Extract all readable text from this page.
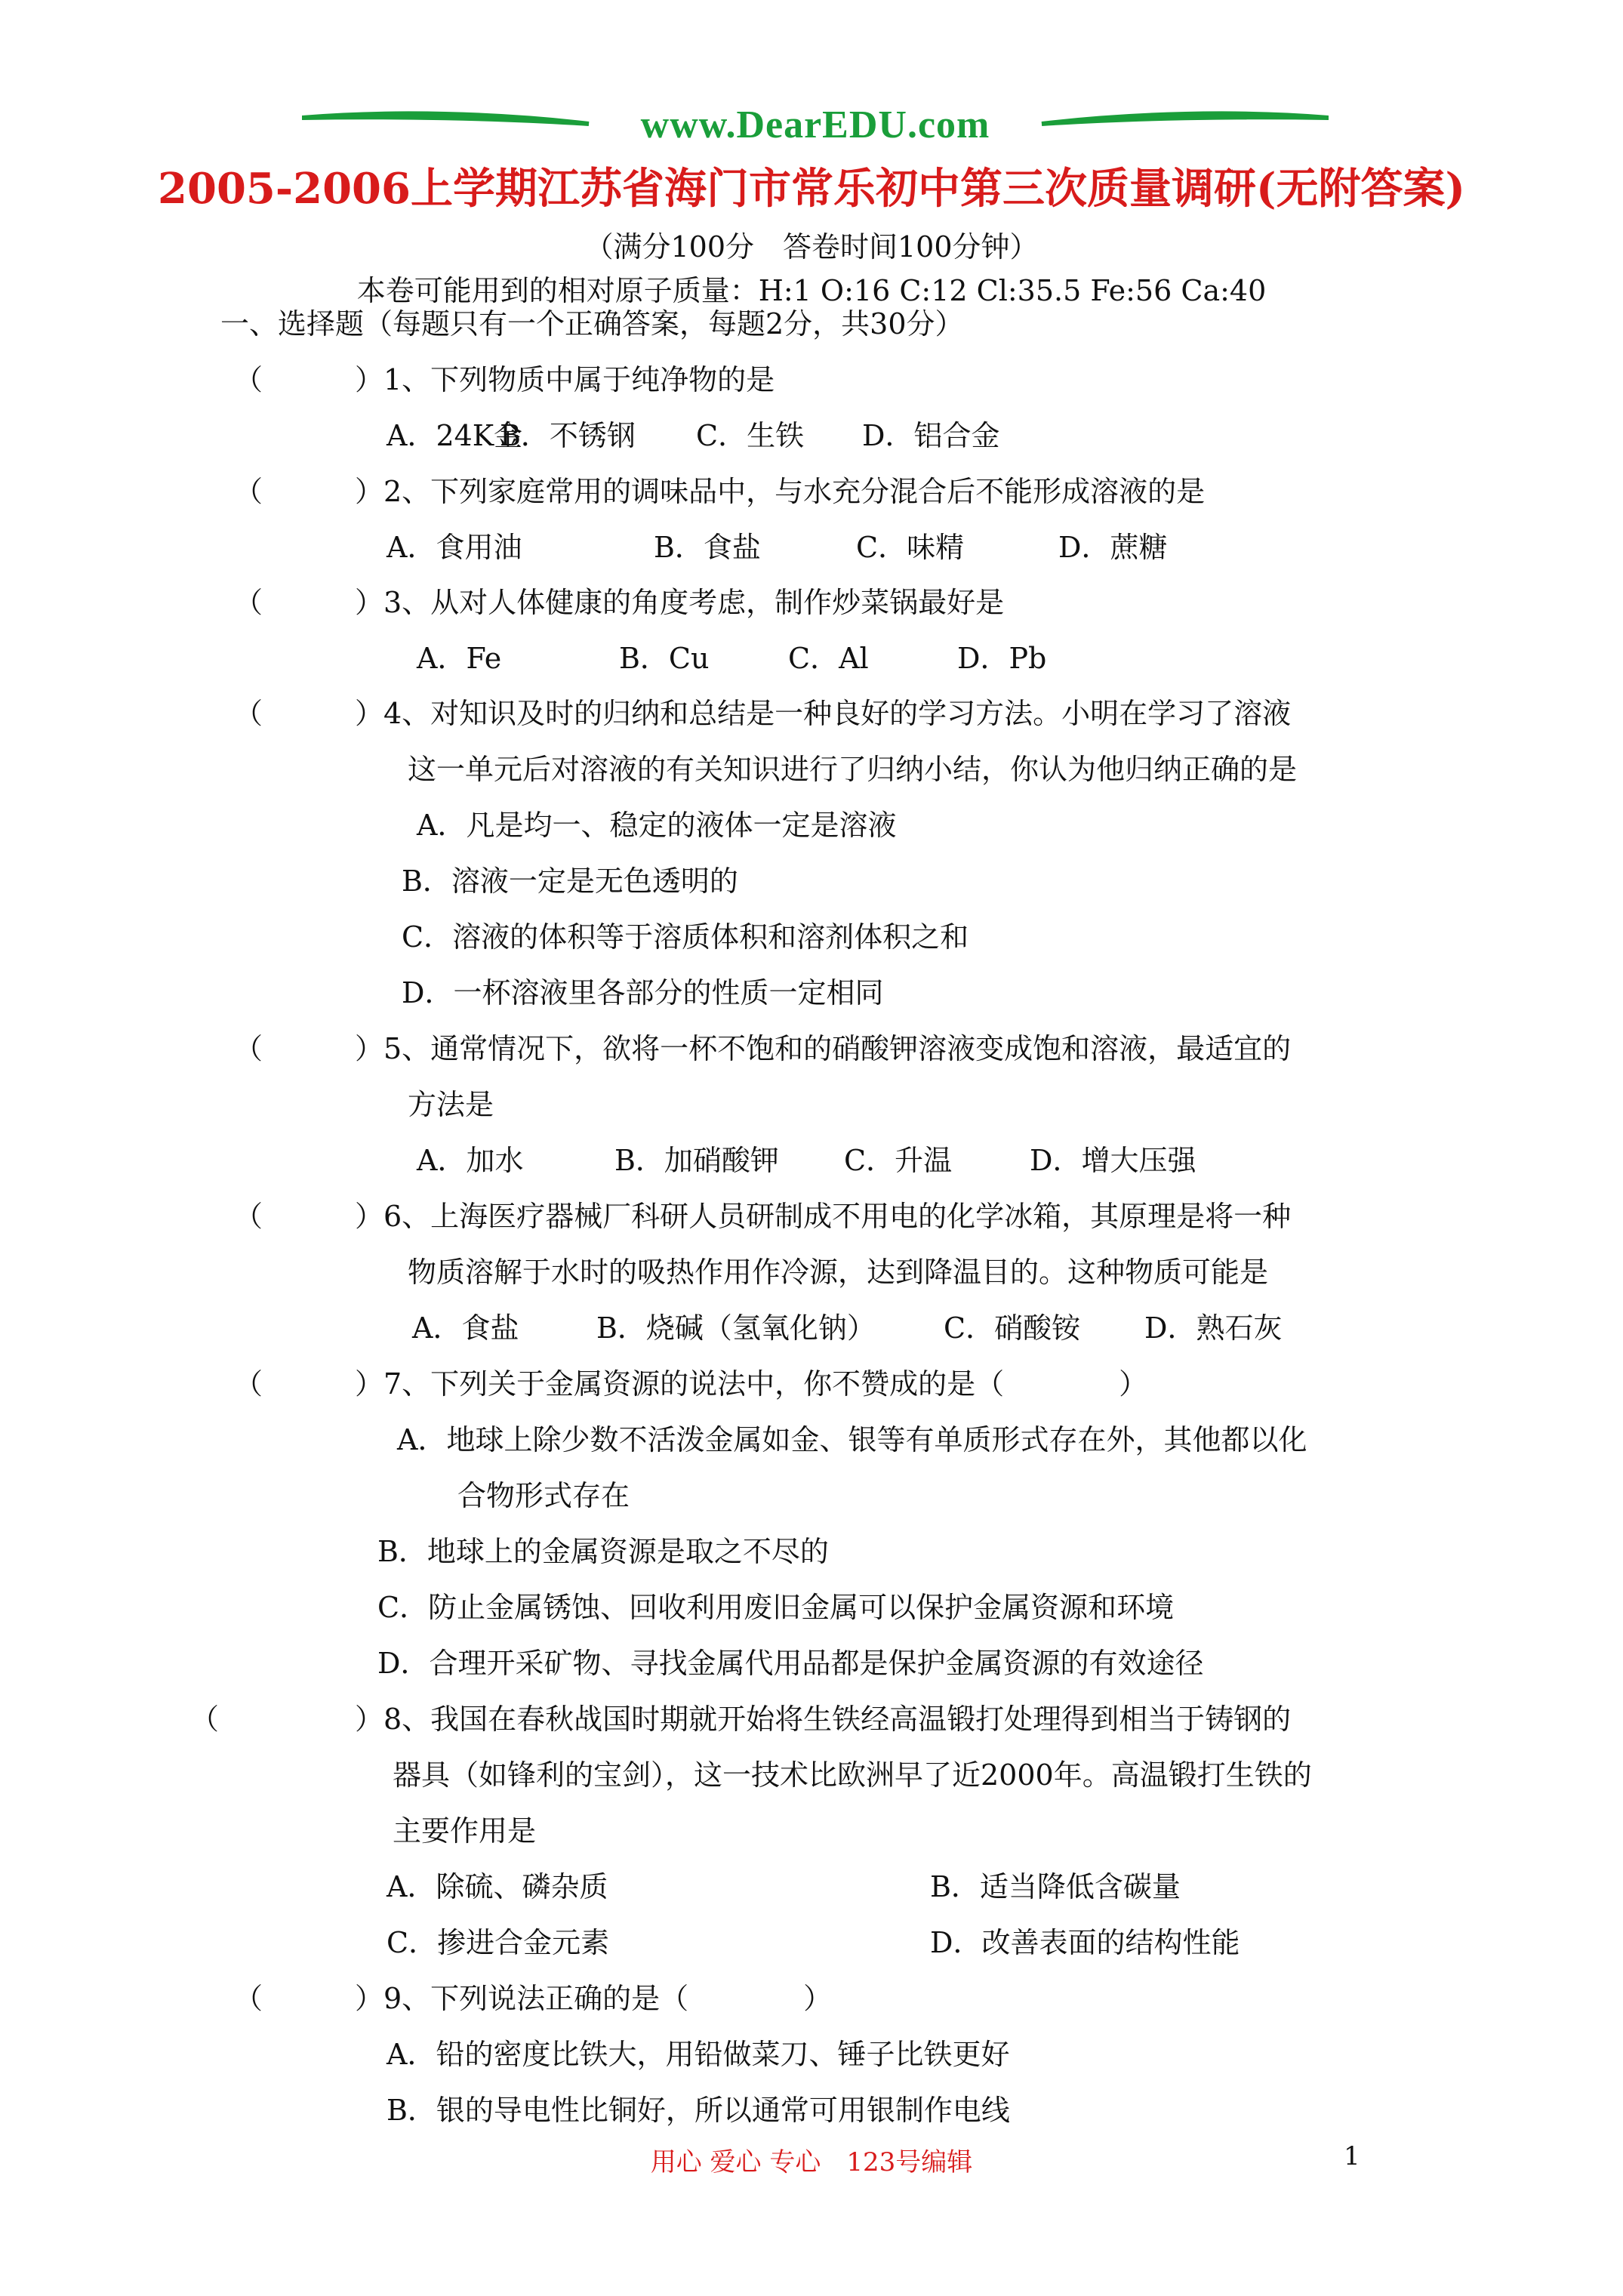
www.DearEDU.com
2005-2006上学期江苏省海门市常乐初中第三次质量调研(无附答案)
（满分100分　答卷时间100分钟）
本卷可能用到的相对原子质量：H:1 O:16 C:12 Cl:35.5 Fe:56 Ca:40
一、选择题（每题只有一个正确答案，每题2分，共30分）
（	）1、下列物质中属于纯净物的是
A．24K金B．不锈钢 C．生铁 D．铝合金
（	）2、下列家庭常用的调味品中，与水充分混合后不能形成溶液的是
A．食用油	B．食盐	C．味精	D．蔗糖
（	）3、从对人体健康的角度考虑，制作炒菜锅最好是
A．Fe	B．Cu	C．Al	D．Pb
（	）4、对知识及时的归纳和总结是一种良好的学习方法。小明在学习了溶液
这一单元后对溶液的有关知识进行了归纳小结，你认为他归纳正确的是
A．凡是均一、稳定的液体一定是溶液
B．溶液一定是无色透明的
C．溶液的体积等于溶质体积和溶剂体积之和
D．一杯溶液里各部分的性质一定相同
（	）5、通常情况下，欲将一杯不饱和的硝酸钾溶液变成饱和溶液，最适宜的
方法是
A．加水	B．加硝酸钾 C．升温	D．增大压强
（	）6、上海医疗器械厂科研人员研制成不用电的化学冰箱，其原理是将一种
物质溶解于水时的吸热作用作冷源，达到降温目的。这种物质可能是
A．食盐	B．烧碱（氢氧化钠） C．硝酸铵 D．熟石灰
（	）7、下列关于金属资源的说法中，你不赞成的是（　　　　）
A．地球上除少数不活泼金属如金、银等有单质形式存在外，其他都以化
合物形式存在
B．地球上的金属资源是取之不尽的
C．防止金属锈蚀、回收利用废旧金属可以保护金属资源和环境
D．合理开采矿物、寻找金属代用品都是保护金属资源的有效途径
（	）8、我国在春秋战国时期就开始将生铁经高温锻打处理得到相当于铸钢的
器具（如锋利的宝剑），这一技术比欧洲早了近2000年。高温锻打生铁的
主要作用是
A．除硫、磷杂质	B．适当降低含碳量
C．掺进合金元素	D．改善表面的结构性能
（	）9、下列说法正确的是（　　　　）
A．铅的密度比铁大，用铅做菜刀、锤子比铁更好
B．银的导电性比铜好，所以通常可用银制作电线
用心 爱心 专心　123号编辑	1
